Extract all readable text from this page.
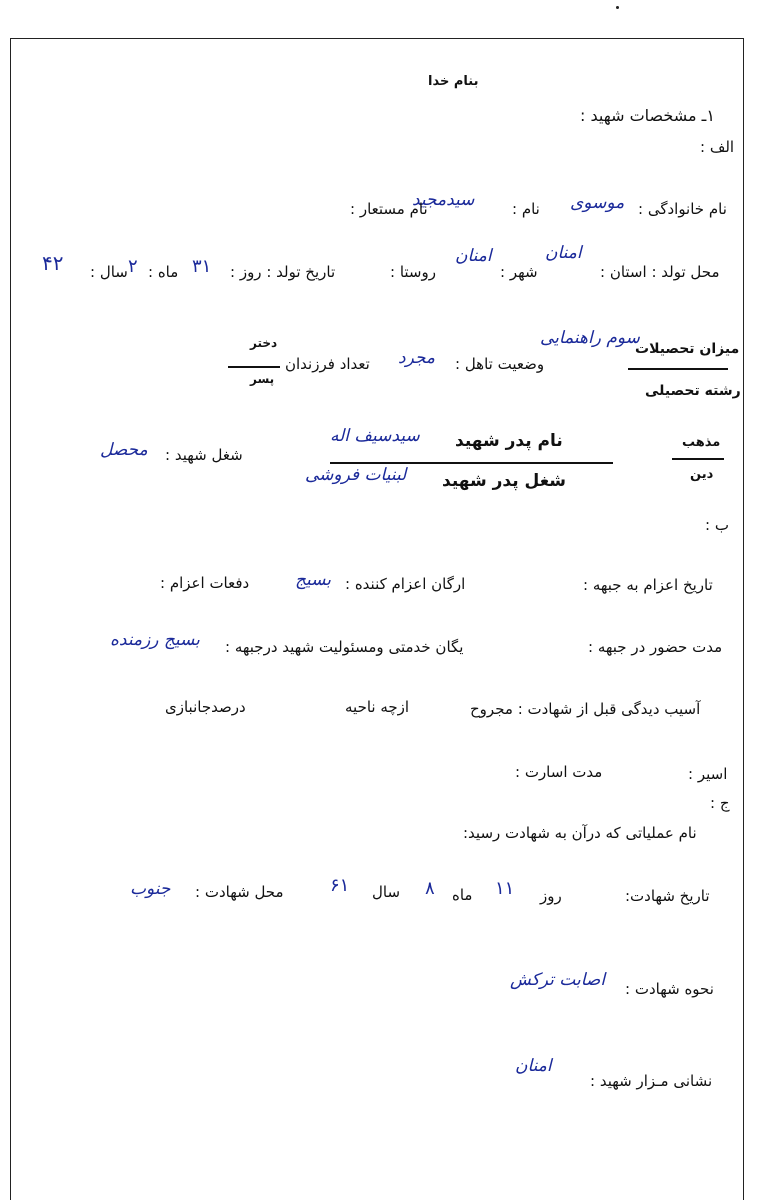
بنام خدا
۱ـ مشخصات شهید :
الف :
نام خانوادگی :
موسوی
نام :
سیدمجید
نام مستعار :
محل تولد : استان :
امنان
شهر :
امنان
روستا :
تاریخ تولد : روز :
۳۱
ماه :
۲
سال :
۴۲
میزان تحصیلات
رشته تحصیلی
سوم راهنمایی
وضعیت تاهل :
مجرد
تعداد فرزندان
دختر
پسر
مذهب
دین
نام پدر شهید
سیدسیف اله
شغل پدر شهید
لبنیات فروشی
شغل شهید :
محصل
ب :
تاریخ اعزام به جبهه :
ارگان اعزام کننده :
بسیج
دفعات اعزام :
مدت حضور در جبهه :
یگان خدمتی ومسئولیت شهید درجبهه :
بسیج رزمنده
آسیب دیدگی قبل از شهادت : مجروح
ازچه ناحیه
درصدجانبازی
اسیر :
مدت اسارت :
ج :
نام عملیاتی که درآن به شهادت رسید:
تاریخ شهادت:
روز
۱۱
ماه
۸
سال
۶۱
محل شهادت :
جنوب
نحوه شهادت :
اصابت ترکش
نشانی مـزار شهید :
امنان
